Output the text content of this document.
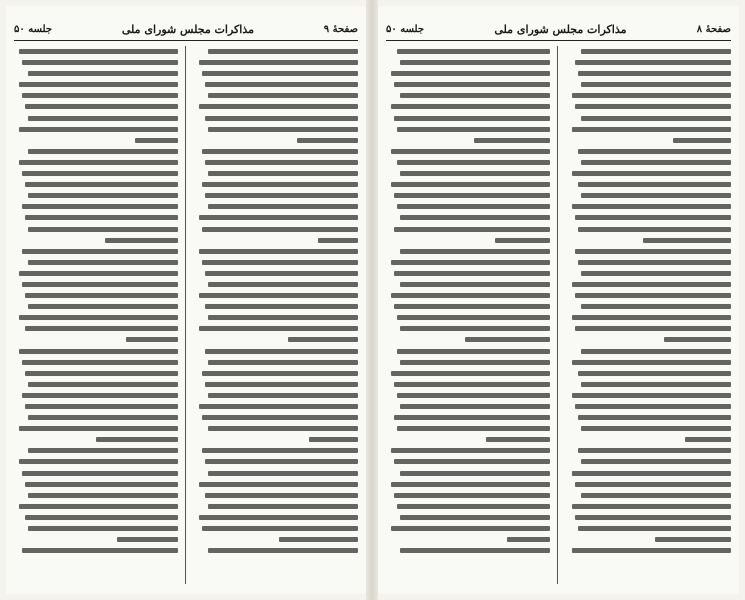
صفحهٔ ۹
مذاکرات مجلس شورای ملی
جلسه ۵۰	صفحهٔ ۸
مذاکرات مجلس شورای ملی
جلسه ۵۰
